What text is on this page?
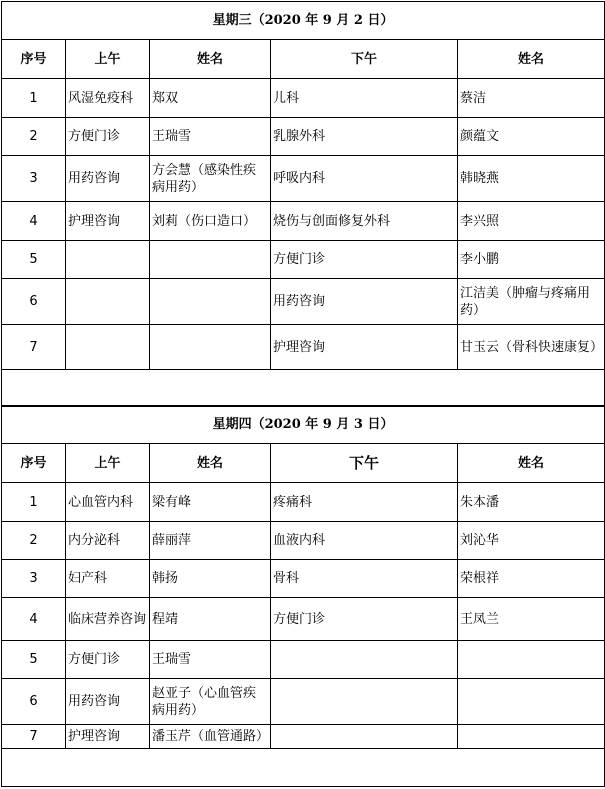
星期三（2020 年 9 月 2 日）				
序号	上午	姓名	下午	姓名
1	风湿免疫科	郑双	儿科	蔡洁
2	方便门诊	王瑞雪	乳腺外科	颜蕴文
3	用药咨询	方会慧（感染性疾病用药）	呼吸内科	韩晓燕
4	护理咨询	刘莉（伤口造口）	烧伤与创面修复外科	李兴照
5			方便门诊	李小鹏
6			用药咨询	江洁美（肿瘤与疼痛用药）
7			护理咨询	甘玉云（骨科快速康复）

星期四（2020 年 9 月 3 日）				
序号	上午	姓名	下午	姓名
1	心血管内科	梁有峰	疼痛科	朱本潘
2	内分泌科	薛丽萍	血液内科	刘沁华
3	妇产科	韩扬	骨科	荣根祥
4	临床营养咨询	程靖	方便门诊	王凤兰
5	方便门诊	王瑞雪		
6	用药咨询	赵亚子（心血管疾病用药）		
7	护理咨询	潘玉芹（血管通路）		
